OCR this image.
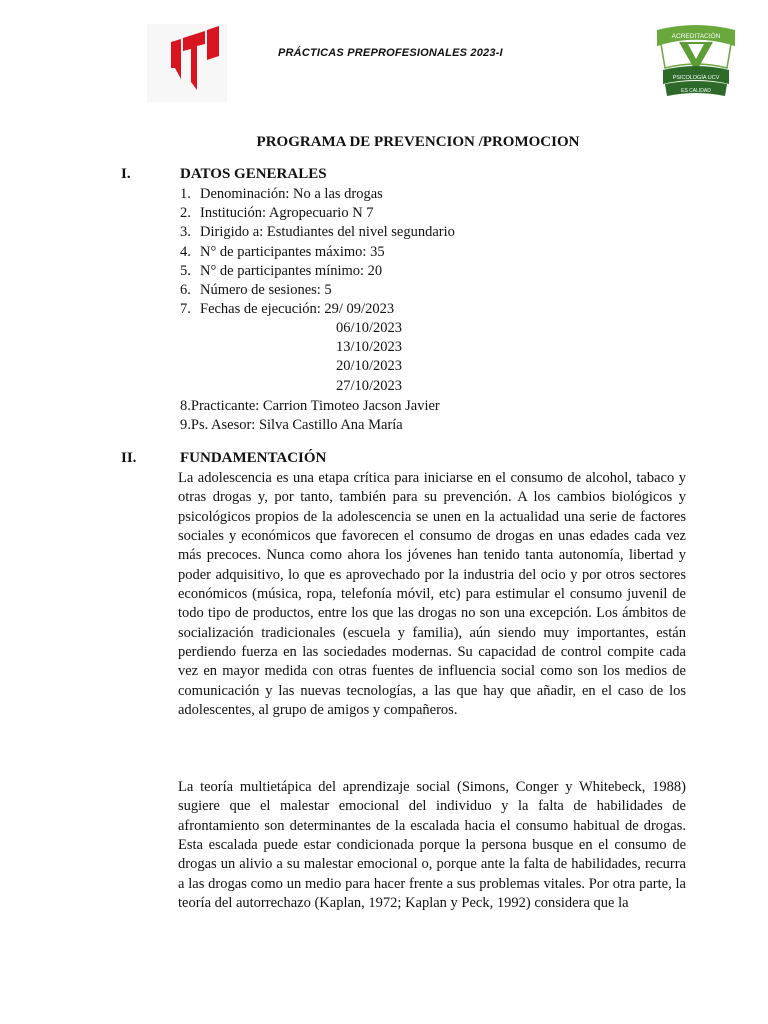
PRÁCTICAS PREPROFESIONALES 2023-I
ACREDITACIÓN
PSICOLOGÍA UCV
ES CALIDAD
PROGRAMA DE PREVENCION /PROMOCION
I.	DATOS GENERALES
1. Denominación: No a las drogas
2. Institución: Agropecuario N 7
3. Dirigido a: Estudiantes del nivel segundario
4. N° de participantes máximo: 35
5. N° de participantes mínimo: 20
6. Número de sesiones: 5
7. Fechas de ejecución: 29/ 09/2023
06/10/2023
13/10/2023
20/10/2023
27/10/2023
8.Practicante: Carrion Timoteo Jacson Javier
9.Ps. Asesor: Silva Castillo Ana María
II.	FUNDAMENTACIÓN

La adolescencia es una etapa crítica para iniciarse en el consumo de alcohol, tabaco y otras drogas y, por tanto, también para su prevención. A los cambios biológicos y psicológicos propios de la adolescencia se unen en la actualidad una serie de factores sociales y económicos que favorecen el consumo de drogas en unas edades cada vez más precoces. Nunca como ahora los jóvenes han tenido tanta autonomía, libertad y poder adquisitivo, lo que es aprovechado por la industria del ocio y por otros sectores económicos (música, ropa, telefonía móvil, etc) para estimular el consumo juvenil de todo tipo de productos, entre los que las drogas no son una excepción. Los ámbitos de socialización tradicionales (escuela y familia), aún siendo muy importantes, están perdiendo fuerza en las sociedades modernas. Su capacidad de control compite cada vez en mayor medida con otras fuentes de influencia social como son los medios de comunicación y las nuevas tecnologías, a las que hay que añadir, en el caso de los adolescentes, al grupo de amigos y compañeros.

La teoría multietápica del aprendizaje social (Simons, Conger y Whitebeck, 1988) sugiere que el malestar emocional del individuo y la falta de habilidades de afrontamiento son determinantes de la escalada hacia el consumo habitual de drogas. Esta escalada puede estar condicionada porque la persona busque en el consumo de drogas un alivio a su malestar emocional o, porque ante la falta de habilidades, recurra a las drogas como un medio para hacer frente a sus problemas vitales. Por otra parte, la teoría del autorrechazo (Kaplan, 1972; Kaplan y Peck, 1992) considera que la
